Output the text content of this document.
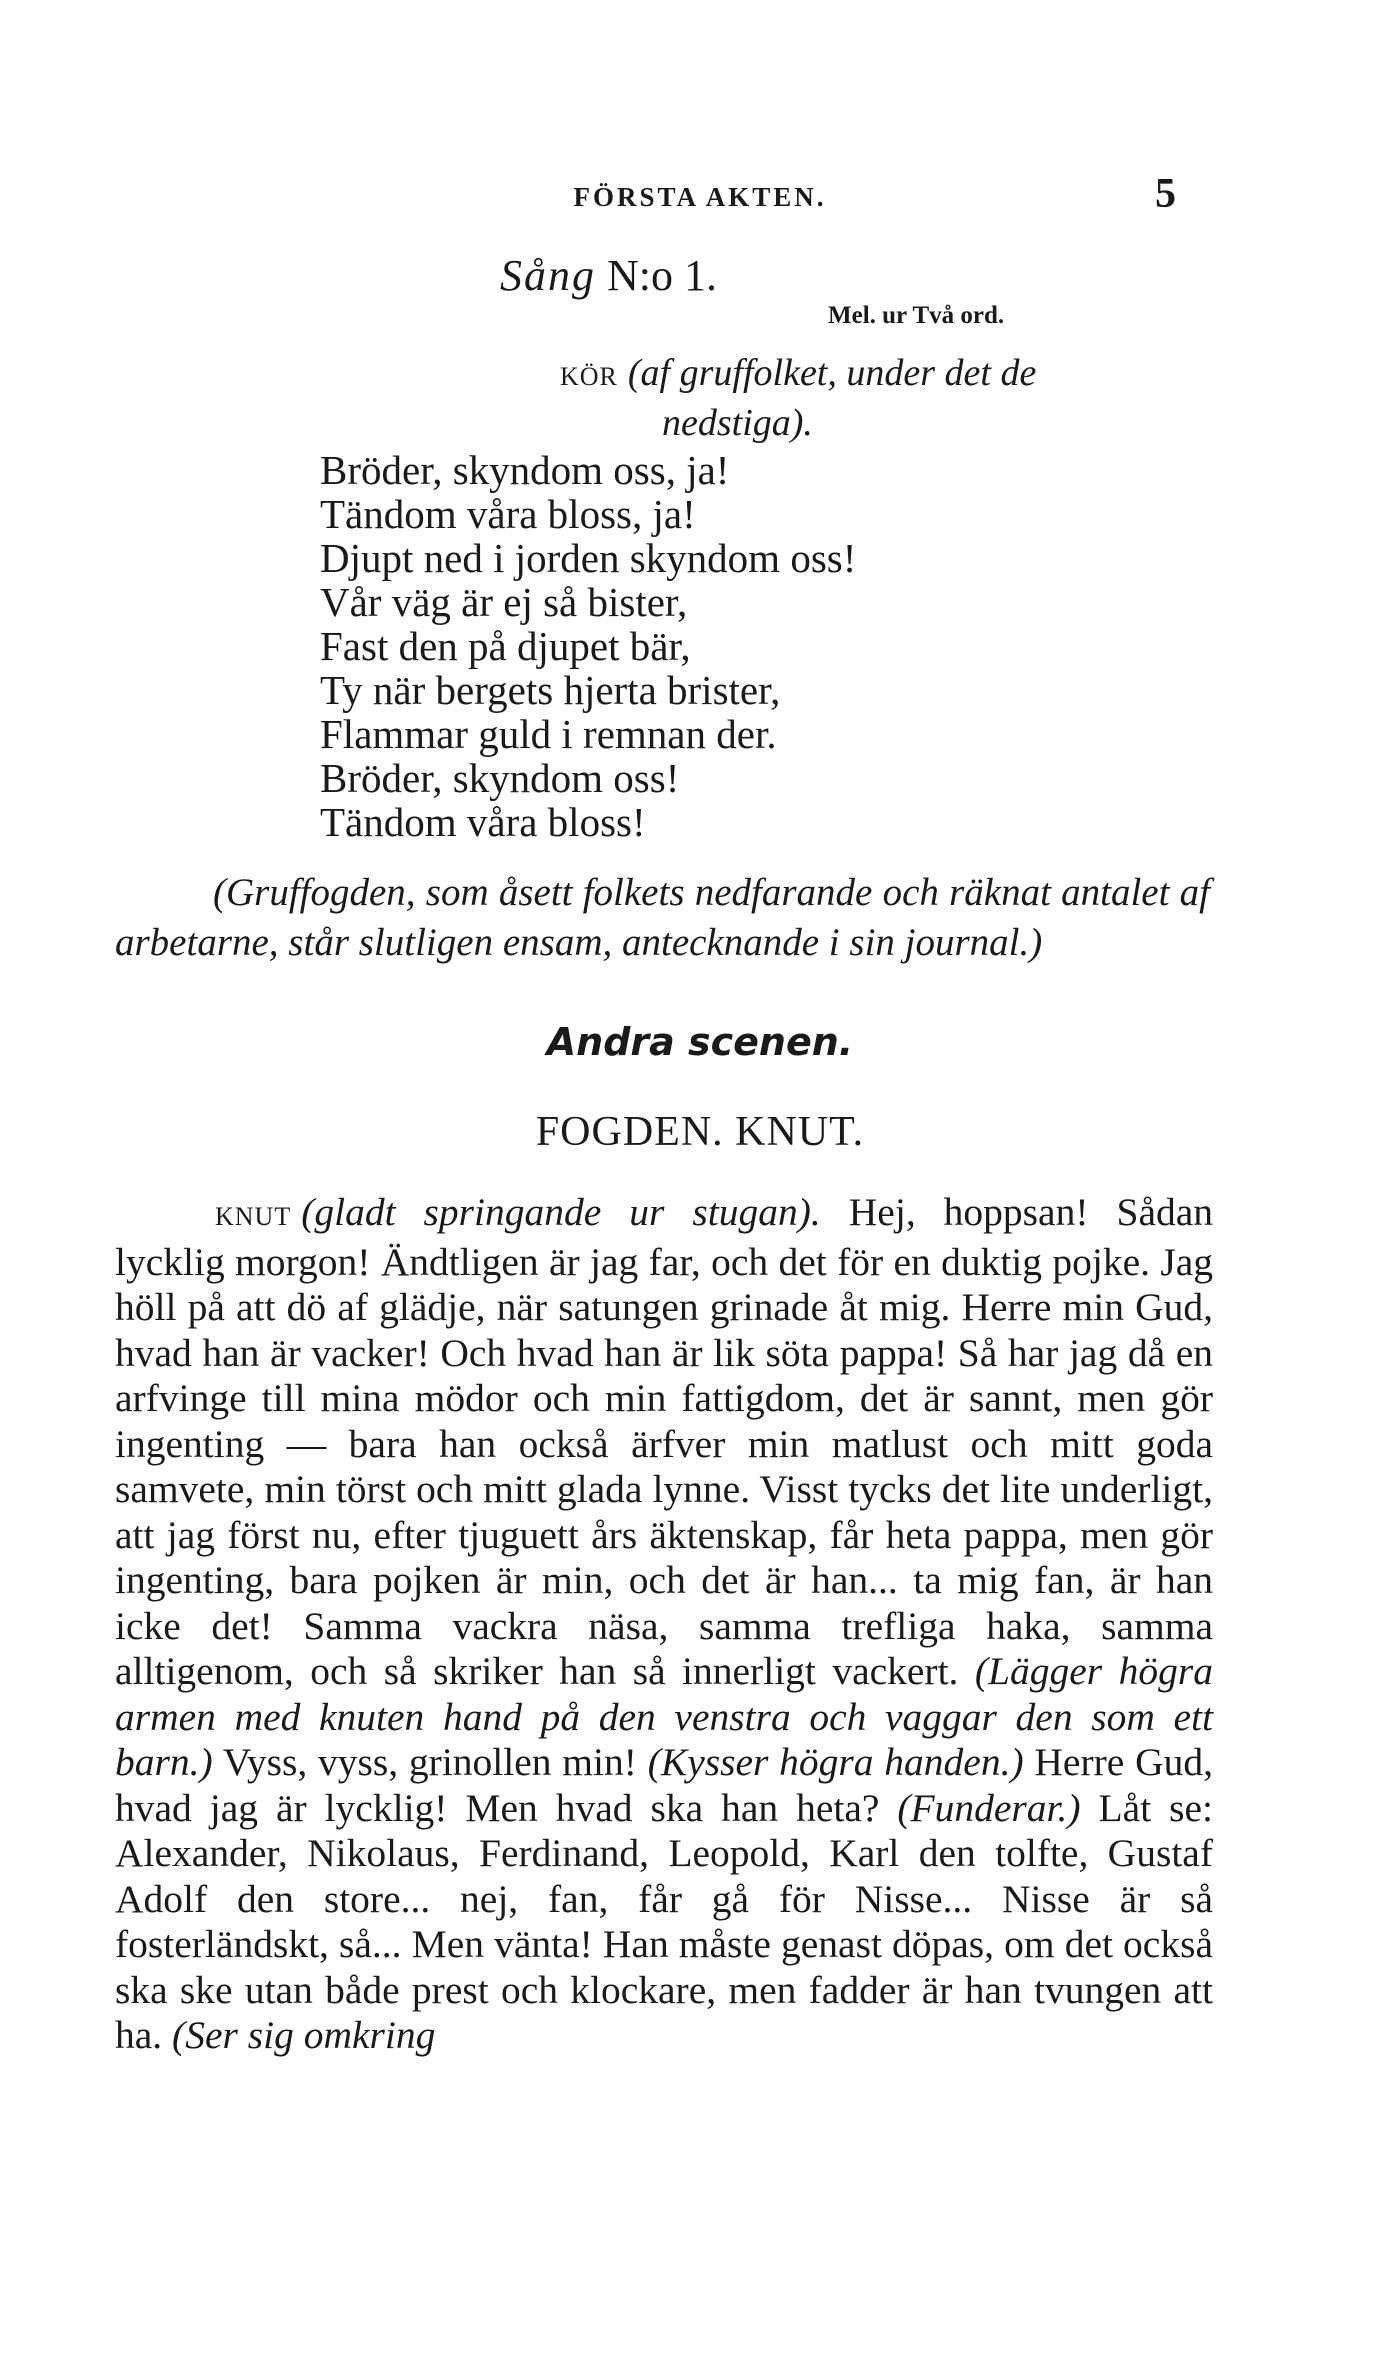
FÖRSTA AKTEN.	5
Sång N:o 1.
Mel. ur Två ord.
KÖR (af gruffolket, under det de
nedstiga).
Bröder, skyndom oss, ja!
Tändom våra bloss, ja!
Djupt ned i jorden skyndom oss!
Vår väg är ej så bister,
Fast den på djupet bär,
Ty när bergets hjerta brister,
Flammar guld i remnan der.
Bröder, skyndom oss!
Tändom våra bloss!
(Gruffogden, som åsett folkets nedfarande och räknat antalet af arbetarne, står slutligen ensam, antecknande i sin journal.)
Andra scenen.
FOGDEN. KNUT.
KNUT (gladt springande ur stugan). Hej, hoppsan! Sådan lycklig morgon! Ändtligen är jag far, och det för en duktig pojke. Jag höll på att dö af glädje, när satungen grinade åt mig. Herre min Gud, hvad han är vacker! Och hvad han är lik söta pappa! Så har jag då en arfvinge till mina mödor och min fattigdom, det är sannt, men gör ingenting — bara han också ärfver min matlust och mitt goda samvete, min törst och mitt glada lynne. Visst tycks det lite underligt, att jag först nu, efter tjuguett års äktenskap, får heta pappa, men gör ingenting, bara pojken är min, och det är han... ta mig fan, är han icke det! Samma vackra näsa, samma trefliga haka, samma alltigenom, och så skriker han så innerligt vackert. (Lägger högra armen med knuten hand på den venstra och vaggar den som ett barn.) Vyss, vyss, grinollen min! (Kysser högra handen.) Herre Gud, hvad jag är lycklig! Men hvad ska han heta? (Funderar.) Låt se: Alexander, Nikolaus, Ferdinand, Leopold, Karl den tolfte, Gustaf Adolf den store... nej, fan, får gå för Nisse... Nisse är så fosterländskt, så... Men vänta! Han måste genast döpas, om det också ska ske utan både prest och klockare, men fadder är han tvungen att ha. (Ser sig omkring
